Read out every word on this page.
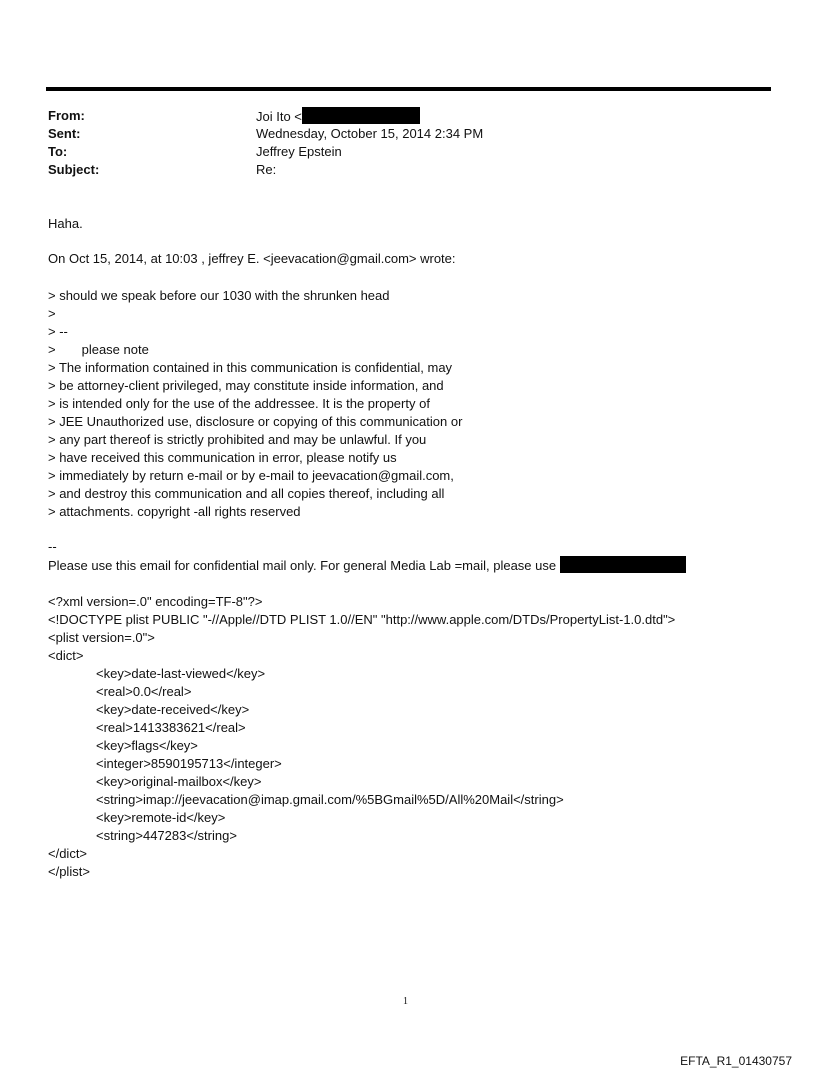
From:	Joi Ito <
Sent:	Wednesday, October 15, 2014 2:34 PM
To:	Jeffrey Epstein
Subject:	Re:
Haha.
On Oct 15, 2014, at 10:03 , jeffrey E. <jeevacation@gmail.com> wrote:
> should we speak before our 1030 with the shrunken head
>
> --
> please note
> The information contained in this communication is confidential, may
> be attorney-client privileged, may constitute inside information, and
> is intended only for the use of the addressee. It is the property of
> JEE Unauthorized use, disclosure or copying of this communication or
> any part thereof is strictly prohibited and may be unlawful. If you
> have received this communication in error, please notify us
> immediately by return e-mail or by e-mail to jeevacation@gmail.com,
> and destroy this communication and all copies thereof, including all
> attachments. copyright -all rights reserved
--
Please use this email for confidential mail only. For general Media Lab =mail, please use
<?xml version=.0" encoding=TF-8"?>
<!DOCTYPE plist PUBLIC "-//Apple//DTD PLIST 1.0//EN" "http://www.apple.com/DTDs/PropertyList-1.0.dtd">
<plist version=.0">
<dict>
<key>date-last-viewed</key>
<real>0.0</real>
<key>date-received</key>
<real>1413383621</real>
<key>flags</key>
<integer>8590195713</integer>
<key>original-mailbox</key>
<string>imap://jeevacation@imap.gmail.com/%5BGmail%5D/All%20Mail</string>
<key>remote-id</key>
<string>447283</string>
</dict>
</plist>
1
EFTA_R1_01430757
